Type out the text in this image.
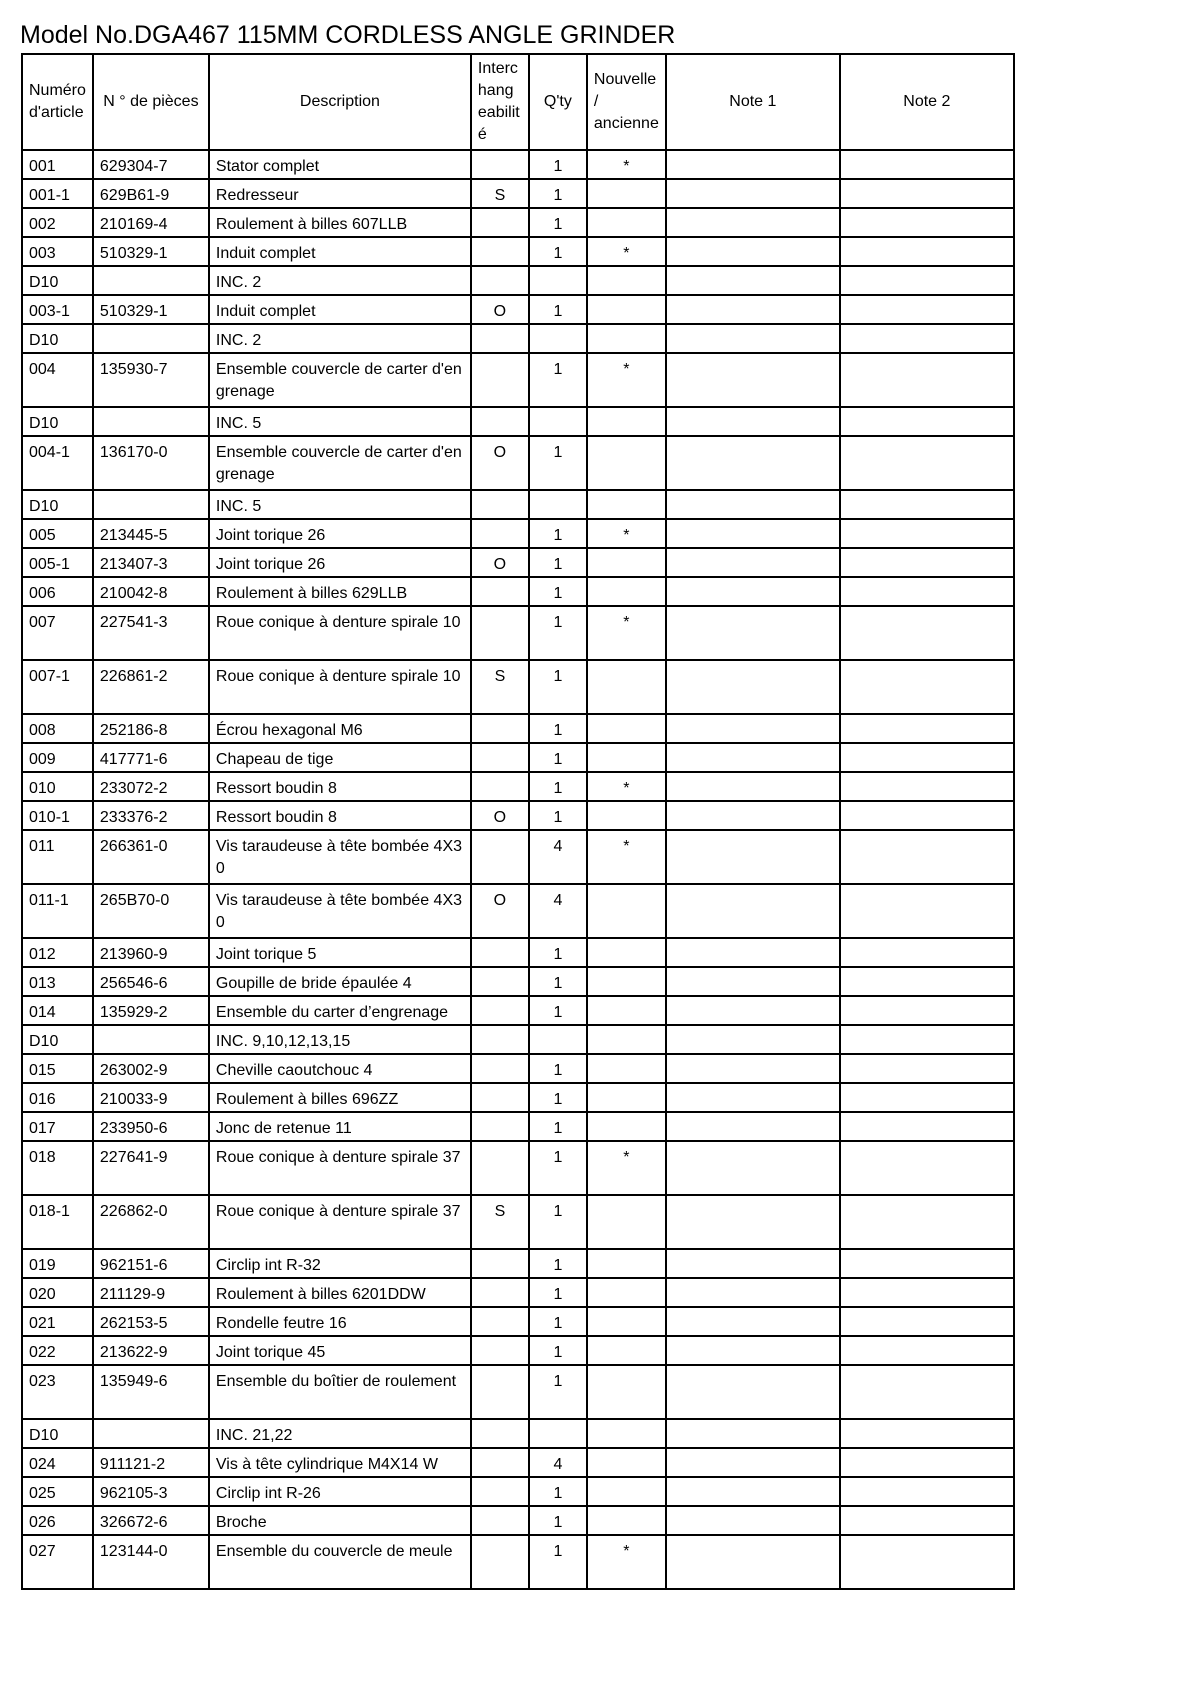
Model No.DGA467 115MM CORDLESS ANGLE GRINDER
Numéro d'article	N ° de pièces	Description	Interchangeabilité	Q'ty	Nouvelle / ancienne	Note 1	Note 2
001	629304-7	Stator complet		1	*		
001-1	629B61-9	Redresseur	S	1			
002	210169-4	Roulement à billes 607LLB		1			
003	510329-1	Induit complet		1	*		
D10		INC. 2					
003-1	510329-1	Induit complet	O	1			
D10		INC. 2					
004	135930-7	Ensemble couvercle de carter d'engrenage		1	*		
D10		INC. 5					
004-1	136170-0	Ensemble couvercle de carter d'engrenage	O	1			
D10		INC. 5					
005	213445-5	Joint torique 26		1	*		
005-1	213407-3	Joint torique 26	O	1			
006	210042-8	Roulement à billes 629LLB		1			
007	227541-3	Roue conique à denture spirale 10		1	*		
007-1	226861-2	Roue conique à denture spirale 10	S	1			
008	252186-8	Écrou hexagonal M6		1			
009	417771-6	Chapeau de tige		1			
010	233072-2	Ressort boudin 8		1	*		
010-1	233376-2	Ressort boudin 8	O	1			
011	266361-0	Vis taraudeuse à tête bombée 4X30		4	*		
011-1	265B70-0	Vis taraudeuse à tête bombée 4X30	O	4			
012	213960-9	Joint torique 5		1			
013	256546-6	Goupille de bride épaulée 4		1			
014	135929-2	Ensemble du carter d’engrenage		1			
D10		INC. 9,10,12,13,15					
015	263002-9	Cheville caoutchouc 4		1			
016	210033-9	Roulement à billes 696ZZ		1			
017	233950-6	Jonc de retenue 11		1			
018	227641-9	Roue conique à denture spirale 37		1	*		
018-1	226862-0	Roue conique à denture spirale 37	S	1			
019	962151-6	Circlip int R-32		1			
020	211129-9	Roulement à billes 6201DDW		1			
021	262153-5	Rondelle feutre 16		1			
022	213622-9	Joint torique 45		1			
023	135949-6	Ensemble du boîtier de roulement		1			
D10		INC. 21,22					
024	911121-2	Vis à tête cylindrique M4X14 W		4			
025	962105-3	Circlip int R-26		1			
026	326672-6	Broche		1			
027	123144-0	Ensemble du couvercle de meule		1	*		
